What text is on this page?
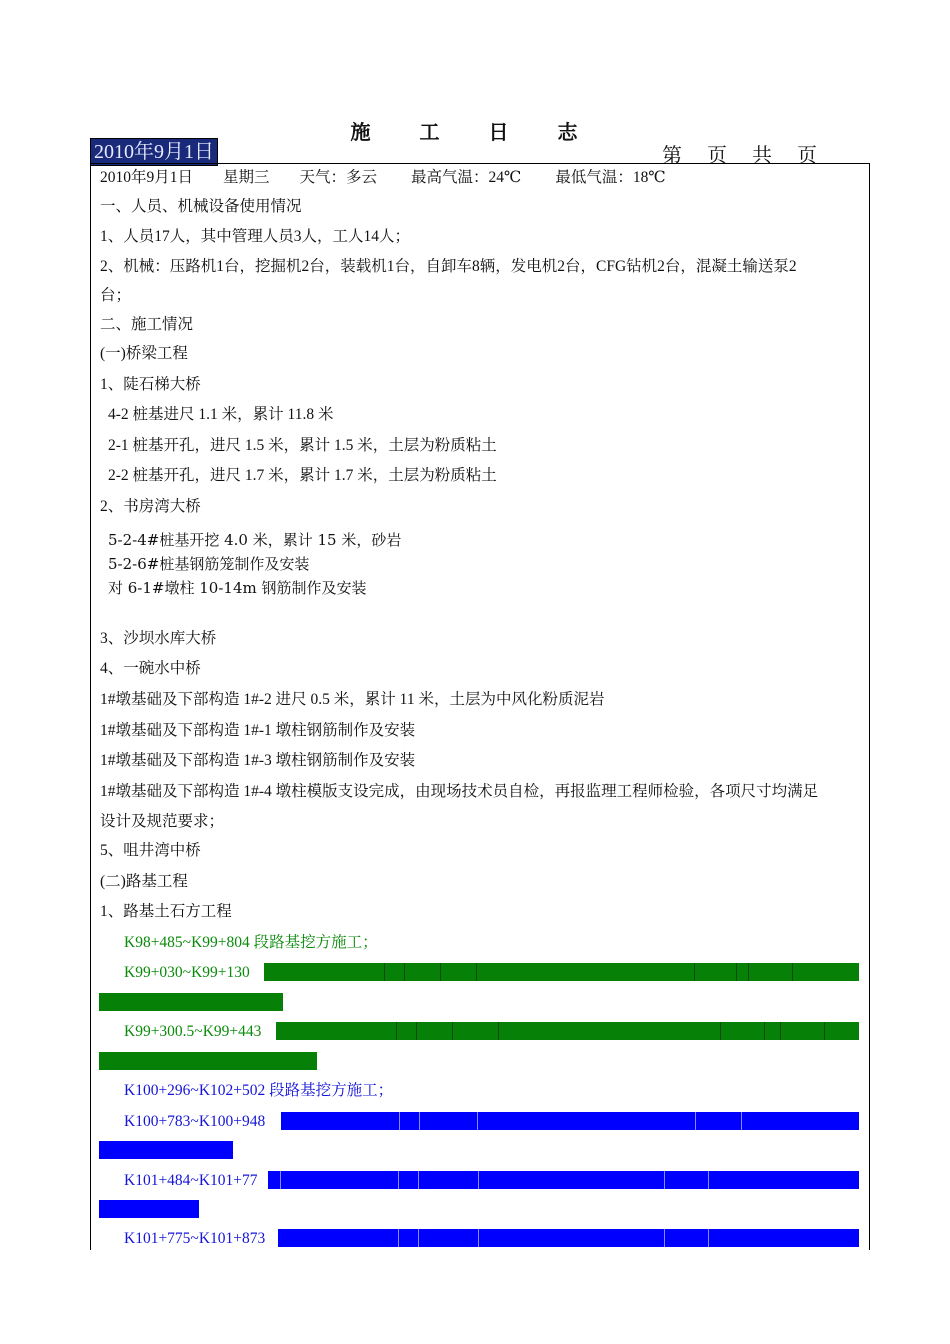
施 工 日 志
2010年9月1日	第 页 共 页
2010年9月1日 星期三 天气：多云 最高气温：24℃ 最低气温：18℃
一、人员、机械设备使用情况
1、人员17人，其中管理人员3人，工人14人；
2、机械：压路机1台，挖掘机2台，装载机1台，自卸车8辆，发电机2台，CFG钻机2台，混凝土输送泵2
台；
二、施工情况
(一)桥梁工程
1、陡石梯大桥
4-2 桩基进尺 1.1 米，累计 11.8 米
2-1 桩基开孔，进尺 1.5 米，累计 1.5 米，土层为粉质粘土
2-2 桩基开孔，进尺 1.7 米，累计 1.7 米，土层为粉质粘土
2、书房湾大桥
5-2-4#桩基开挖 4.0 米，累计 15 米，砂岩
5-2-6#桩基钢筋笼制作及安装
对 6-1#墩柱 10-14m 钢筋制作及安装
3、沙坝水库大桥
4、一碗水中桥
1#墩基础及下部构造 1#-2 进尺 0.5 米，累计 11 米，土层为中风化粉质泥岩
1#墩基础及下部构造 1#-1 墩柱钢筋制作及安装
1#墩基础及下部构造 1#-3 墩柱钢筋制作及安装
1#墩基础及下部构造 1#-4 墩柱模版支设完成，由现场技术员自检，再报监理工程师检验，各项尺寸均满足
设计及规范要求；
5、咀井湾中桥
(二)路基工程
1、路基土石方工程
K98+485~K99+804 段路基挖方施工；
K99+030~K99+130
K99+300.5~K99+443
K100+296~K102+502 段路基挖方施工；
K100+783~K100+948
K101+484~K101+77
K101+775~K101+873
